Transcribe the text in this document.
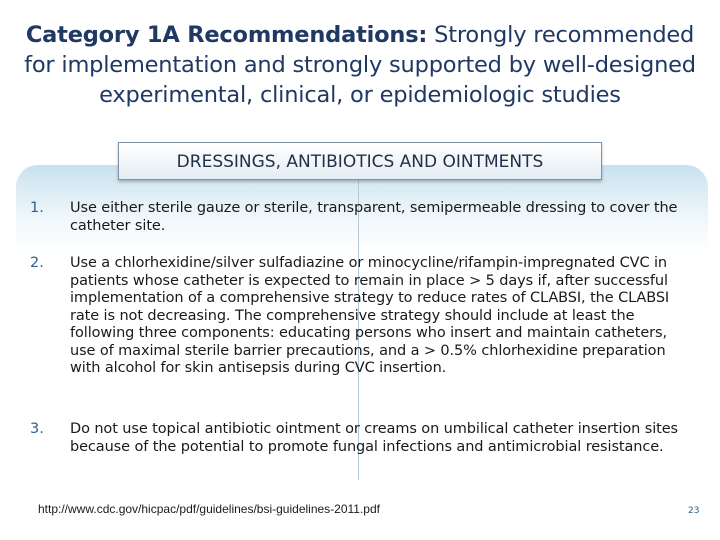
Category 1A Recommendations: Strongly recommended for implementation and strongly supported by well-designed experimental, clinical, or epidemiologic studies
DRESSINGS, ANTIBIOTICS AND OINTMENTS
1. Use either sterile gauze or sterile, transparent, semipermeable dressing to cover the catheter site.
2. Use a chlorhexidine/silver sulfadiazine or minocycline/rifampin-impregnated CVC in patients whose catheter is expected to remain in place > 5 days if, after successful implementation of a comprehensive strategy to reduce rates of CLABSI, the CLABSI rate is not decreasing. The comprehensive strategy should include at least the following three components: educating persons who insert and maintain catheters, use of maximal sterile barrier precautions, and a > 0.5% chlorhexidine preparation with alcohol for skin antisepsis during CVC insertion.
3. Do not use topical antibiotic ointment or creams on umbilical catheter insertion sites because of the potential to promote fungal infections and antimicrobial resistance.
http://www.cdc.gov/hicpac/pdf/guidelines/bsi-guidelines-2011.pdf	23
